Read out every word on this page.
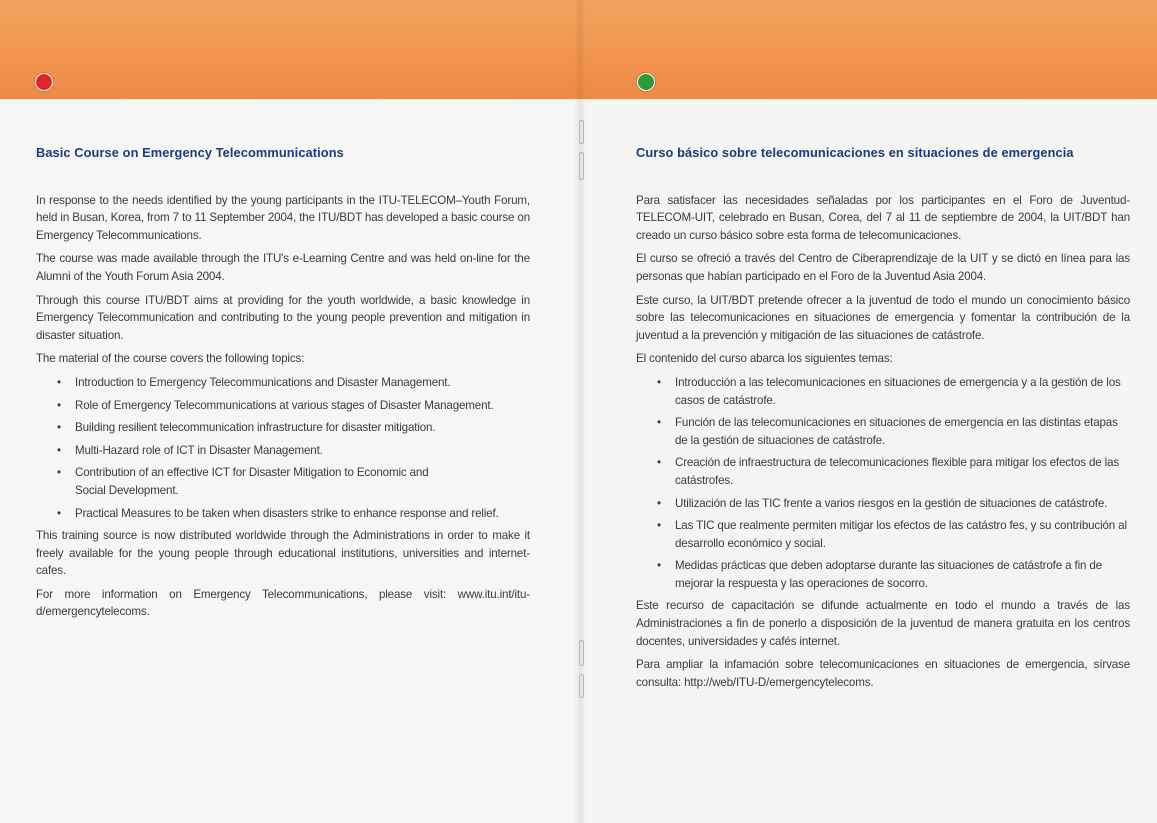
Basic Course on Emergency Telecommunications

In response to the needs identified by the young participants in the ITU-TELECOM–Youth Forum, held in Busan, Korea, from 7 to 11 September 2004, the ITU/BDT has developed a basic course on Emergency Telecommunications.

The course was made available through the ITU's e-Learning Centre and was held on-line for the Alumni of the Youth Forum Asia 2004.

Through this course ITU/BDT aims at providing for the youth worldwide, a basic knowledge in Emergency Telecommunication and contributing to the young people prevention and mitigation in disaster situation.

The material of the course covers the following topics:

• Introduction to Emergency Telecommunications and Disaster Management.
• Role of Emergency Telecommunications at various stages of Disaster Management.
• Building resilient telecommunication infrastructure for disaster mitigation.
• Multi-Hazard role of ICT in Disaster Management.
• Contribution of an effective ICT for Disaster Mitigation to Economic and Social Development.
• Practical Measures to be taken when disasters strike to enhance response and relief.

This training source is now distributed worldwide through the Administrations in order to make it freely available for the young people through educational institutions, universities and internet-cafes.

For more information on Emergency Telecommunications, please visit: www.itu.int/itu-d/emergencytelecoms.

Curso básico sobre telecomunicaciones en situaciones de emergencia

Para satisfacer las necesidades señaladas por los participantes en el Foro de Juventud-TELECOM-UIT, celebrado en Busan, Corea, del 7 al 11 de septiembre de 2004, la UIT/BDT han creado un curso básico sobre esta forma de telecomunicaciones.

El curso se ofreció a través del Centro de Ciberaprendizaje de la UIT y se dictó en línea para las personas que habían participado en el Foro de la Juventud Asia 2004.

Este curso, la UIT/BDT pretende ofrecer a la juventud de todo el mundo un conocimiento básico sobre las telecomunicaciones en situaciones de emergencia y fomentar la contribución de la juventud a la prevención y mitigación de las situaciones de catástrofe.

El contenido del curso abarca los siguientes temas:

• Introducción a las telecomunicaciones en situaciones de emergencia y a la gestión de los casos de catástrofe.
• Función de las telecomunicaciones en situaciones de emergencia en las distintas etapas de la gestión de situaciones de catástrofe.
• Creación de infraestructura de telecomunicaciones flexible para mitigar los efectos de las catástrofes.
• Utilización de las TIC frente a varios riesgos en la gestión de situaciones de catástrofe.
• Las TIC que realmente permiten mitigar los efectos de las catástro fes, y su contribución al desarrollo económico y social.
• Medidas prácticas que deben adoptarse durante las situaciones de catástrofe a fin de mejorar la respuesta y las operaciones de socorro.

Este recurso de capacitación se difunde actualmente en todo el mundo a través de las Administraciones a fin de ponerlo a disposición de la juventud de manera gratuita en los centros docentes, universidades y cafés internet.

Para ampliar la infamación sobre telecomunicaciones en situaciones de emergencia, sírvase consulta: http://web/ITU-D/emergencytelecoms.
